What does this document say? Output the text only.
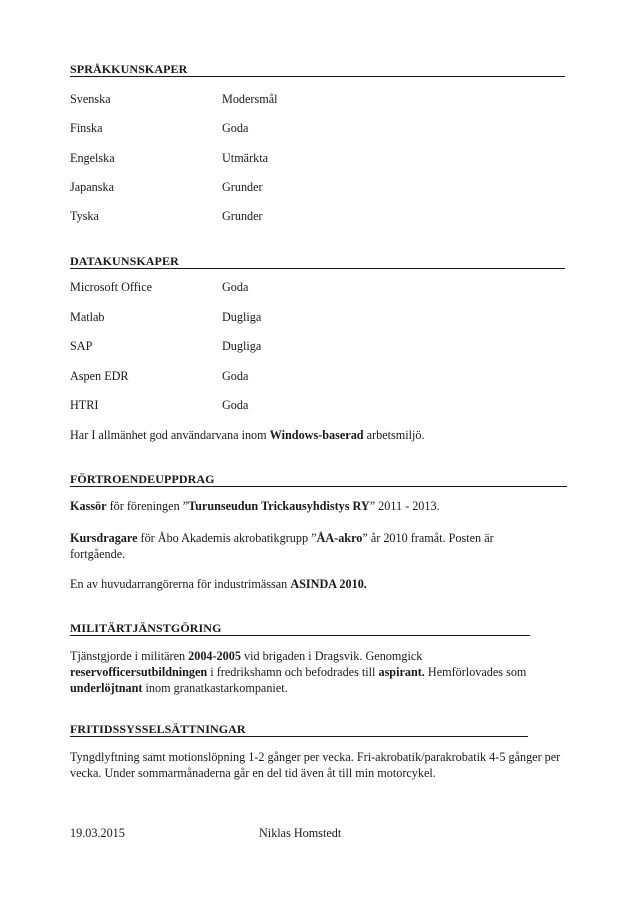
SPRÅKKUNSKAPER
Svenska	Modersmål
Finska	Goda
Engelska	Utmärkta
Japanska	Grunder
Tyska	Grunder
DATAKUNSKAPER
Microsoft Office	Goda
Matlab	Dugliga
SAP	Dugliga
Aspen EDR	Goda
HTRI	Goda
Har I allmänhet god användarvana inom Windows-baserad arbetsmiljö.
FÖRTROENDEUPPDRAG
Kassör för föreningen ”Turunseudun Trickausyhdistys RY” 2011 - 2013.
Kursdragare för Åbo Akademis akrobatikgrupp ”ÅA-akro” år 2010 framåt. Posten är fortgående.
En av huvudarrangörerna för industrimässan ASINDA 2010.
MILITÄRTJÄNSTGÖRING
Tjänstgjorde i militären 2004-2005 vid brigaden i Dragsvik. Genomgick
reservofficersutbildningen i fredrikshamn och befodrades till aspirant. Hemförlovades som
underlöjtnant inom granatkastarkompaniet.
FRITIDSSYSSELSÄTTNINGAR
Tyngdlyftning samt motionslöpning 1-2 gånger per vecka. Fri-akrobatik/parakrobatik 4-5 gånger per vecka. Under sommarmånaderna går en del tid även åt till min motorcykel.
19.03.2015	Niklas Homstedt
